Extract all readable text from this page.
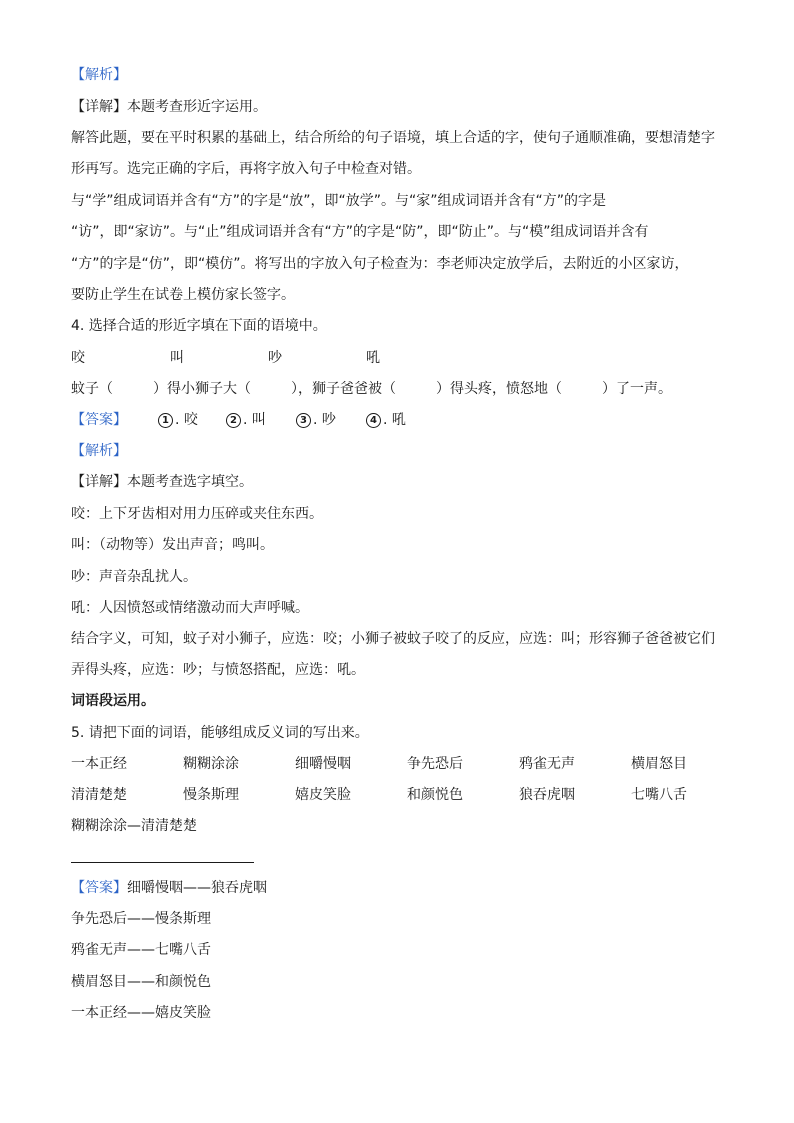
【解析】
【详解】本题考查形近字运用。
解答此题，要在平时积累的基础上，结合所给的句子语境，填上合适的字，使句子通顺准确，要想清楚字
形再写。选完正确的字后，再将字放入句子中检查对错。
与“学”组成词语并含有“方”的字是“放”，即“放学”。与“家”组成词语并含有“方”的字是
“访”，即“家访”。与“止”组成词语并含有“方”的字是“防”，即“防止”。与“模”组成词语并含有
“方”的字是“仿”，即“模仿”。将写出的字放入句子检查为：李老师决定放学后，去附近的小区家访，
要防止学生在试卷上模仿家长签字。
4. 选择合适的形近字填在下面的语境中。
咬	叫	吵	吼
蚊子（	）得小狮子大（	），狮子爸爸被（	）得头疼，愤怒地（	）了一声。
【答案】	1 . 咬	2 . 叫	3 . 吵	4 . 吼
【解析】
【详解】本题考查选字填空。
咬：上下牙齿相对用力压碎或夹住东西。
叫：（动物等）发出声音；鸣叫。
吵：声音杂乱扰人。
吼：人因愤怒或情绪激动而大声呼喊。
结合字义，可知，蚊子对小狮子，应选：咬；小狮子被蚊子咬了的反应，应选：叫；形容狮子爸爸被它们
弄得头疼，应选：吵；与愤怒搭配，应选：吼。
词语段运用。
5. 请把下面的词语，能够组成反义词的写出来。
一本正经	糊糊涂涂	细嚼慢咽	争先恐后	鸦雀无声	横眉怒目
清清楚楚	慢条斯理	嬉皮笑脸	和颜悦色	狼吞虎咽	七嘴八舌
糊糊涂涂—清清楚楚
【答案】细嚼慢咽——狼吞虎咽
争先恐后——慢条斯理
鸦雀无声——七嘴八舌
横眉怒目——和颜悦色
一本正经——嬉皮笑脸
